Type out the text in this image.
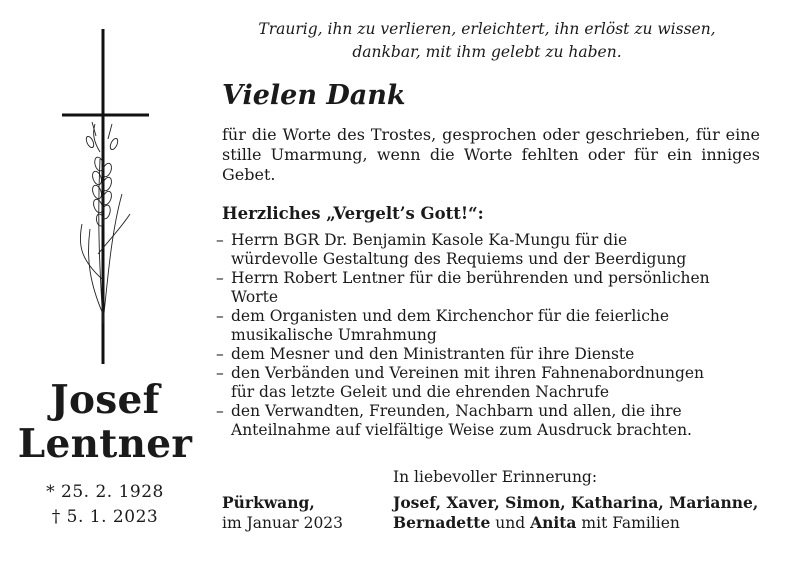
Josef
Lentner
* 25. 2. 1928
† 5. 1. 2023
Traurig, ihn zu verlieren, erleichtert, ihn erlöst zu wissen,
dankbar, mit ihm gelebt zu haben.
Vielen Dank
für die Worte des Trostes, gesprochen oder geschrieben, für eine
stille Umarmung, wenn die Worte fehlten oder für ein inniges
Gebet.
Herzliches „Vergelt’s Gott!“:
– Herrn BGR Dr. Benjamin Kasole Ka-Mungu für die
würdevolle Gestaltung des Requiems und der Beerdigung
– Herrn Robert Lentner für die berührenden und persönlichen
Worte
– dem Organisten und dem Kirchenchor für die feierliche
musikalische Umrahmung
– dem Mesner und den Ministranten für ihre Dienste
– den Verbänden und Vereinen mit ihren Fahnenabordnungen
für das letzte Geleit und die ehrenden Nachrufe
– den Verwandten, Freunden, Nachbarn und allen, die ihre
Anteilnahme auf vielfältige Weise zum Ausdruck brachten.
In liebevoller Erinnerung:
Pürkwang,
im Januar 2023
Josef, Xaver, Simon, Katharina, Marianne,
Bernadette und Anita mit Familien
